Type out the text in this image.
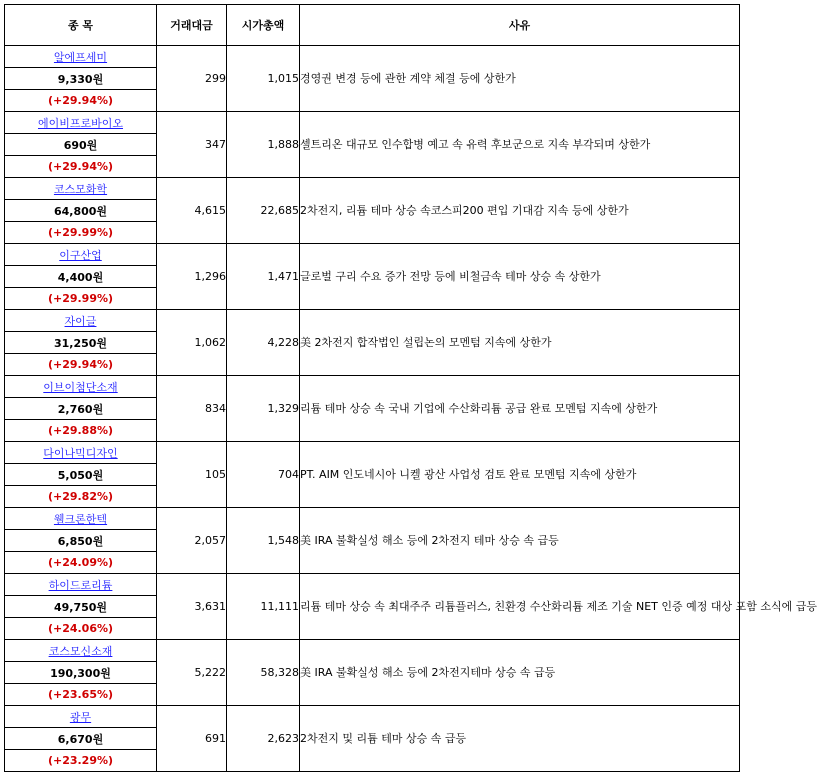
종 목	거래대금	시가총액	사유
알에프세미	299	1,015	경영권 변경 등에 관한 계약 체결 등에 상한가
9,330원			
(+29.94%)			
에이비프로바이오	347	1,888	셀트리온 대규모 인수합병 예고 속 유력 후보군으로 지속 부각되며 상한가
690원			
(+29.94%)			
코스모화학	4,615	22,685	2차전지, 리튬 테마 상승 속코스피200 편입 기대감 지속 등에 상한가
64,800원			
(+29.99%)			
이구산업	1,296	1,471	글로벌 구리 수요 증가 전망 등에 비철금속 테마 상승 속 상한가
4,400원			
(+29.99%)			
자이글	1,062	4,228	美 2차전지 합작법인 설립논의 모멘텀 지속에 상한가
31,250원			
(+29.94%)			
이브이첨단소재	834	1,329	리튬 테마 상승 속 국내 기업에 수산화리튬 공급 완료 모멘텀 지속에 상한가
2,760원			
(+29.88%)			
다이나믹디자인	105	704	PT. AIM 인도네시아 니켈 광산 사업성 검토 완료 모멘텀 지속에 상한가
5,050원			
(+29.82%)			
웰크론한텍	2,057	1,548	美 IRA 불확실성 해소 등에 2차전지 테마 상승 속 급등
6,850원			
(+24.09%)			
하이드로리튬	3,631	11,111	리튬 테마 상승 속 최대주주 리튬플러스, 친환경 수산화리튬 제조 기술 NET 인증 예정 대상 포함 소식에 급등
49,750원			
(+24.06%)			
코스모신소재	5,222	58,328	美 IRA 불확실성 해소 등에 2차전지테마 상승 속 급등
190,300원			
(+23.65%)			
광무	691	2,623	2차전지 및 리튬 테마 상승 속 급등
6,670원			
(+23.29%)			
